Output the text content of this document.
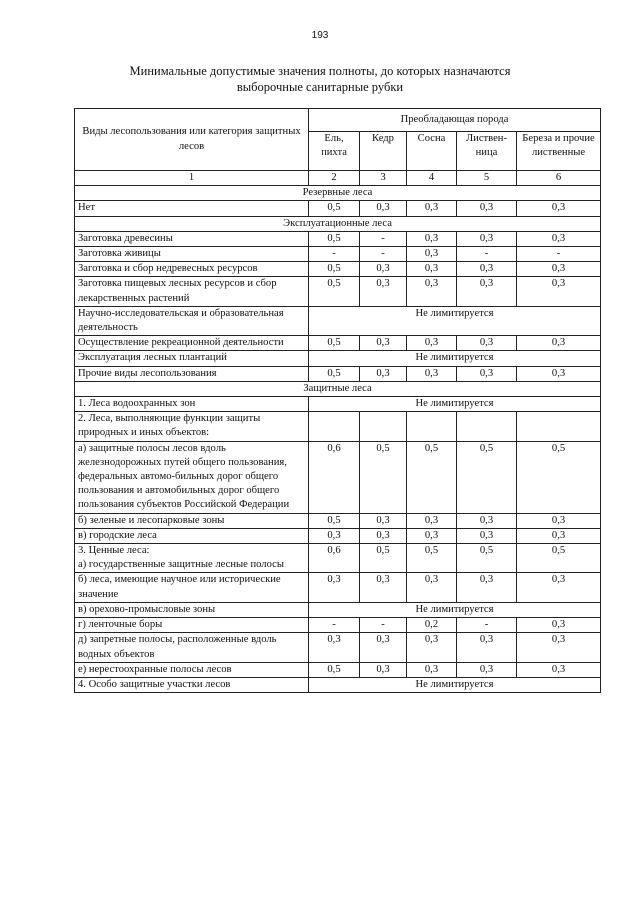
193
Минимальные допустимые значения полноты, до которых назначаются
выборочные санитарные рубки
Виды лесопользования или категория защитных лесов	Преобладающая порода				
	Ель, пихта	Кедр	Сосна	Листвен-ница	Береза и прочие лиственные
1	2	3	4	5	6
Резервные леса					
Нет	0,5	0,3	0,3	0,3	0,3
Эксплуатационные леса					
Заготовка древесины	0,5	-	0,3	0,3	0,3
Заготовка живицы	-	-	0,3	-	-
Заготовка и сбор недревесных ресурсов	0,5	0,3	0,3	0,3	0,3
Заготовка пищевых лесных ресурсов и сбор лекарственных растений	0,5	0,3	0,3	0,3	0,3
Научно-исследовательская и образовательная деятельность	Не лимитируется				
Осуществление рекреационной деятельности	0,5	0,3	0,3	0,3	0,3
Эксплуатация лесных плантаций	Не лимитируется				
Прочие виды лесопользования	0,5	0,3	0,3	0,3	0,3
Защитные леса					
1. Леса водоохранных зон	Не лимитируется				
2. Леса, выполняющие функции защиты природных и иных объектов:					
а) защитные полосы лесов вдоль железнодорожных путей общего пользования, федеральных автомо-бильных дорог общего пользования и автомобильных дорог общего пользования субъектов Российской Федерации	0,6	0,5	0,5	0,5	0,5
б) зеленые и лесопарковые зоны	0,5	0,3	0,3	0,3	0,3
в) городские леса	0,3	0,3	0,3	0,3	0,3
3. Ценные леса:
а) государственные защитные лесные полосы	0,6	0,5	0,5	0,5	0,5
б) леса, имеющие научное или исторические значение	0,3	0,3	0,3	0,3	0,3
в) орехово-промысловые зоны	Не лимитируется				
г) ленточные боры	-	-	0,2	-	0,3
д) запретные полосы, расположенные вдоль водных объектов	0,3	0,3	0,3	0,3	0,3
е) нерестоохранные полосы лесов	0,5	0,3	0,3	0,3	0,3
4. Особо защитные участки лесов	Не лимитируется				
